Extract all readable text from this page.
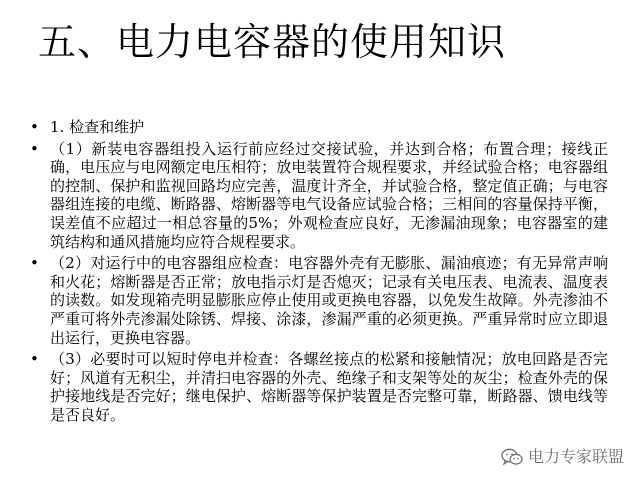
五、电力电容器的使用知识
• 1. 检查和维护
• （1）新装电容器组投入运行前应经过交接试验，并达到合格；布置合理；接线正确，电压应与电网额定电压相符；放电装置符合规程要求，并经试验合格；电容器组的控制、保护和监视回路均应完善，温度计齐全，并试验合格，整定值正确；与电容器组连接的电缆、断路器、熔断器等电气设备应试验合格；三相间的容量保持平衡，误差值不应超过一相总容量的5%；外观检查应良好，无渗漏油现象；电容器室的建筑结构和通风措施均应符合规程要求。
• （2）对运行中的电容器组应检查：电容器外壳有无膨胀、漏油痕迹；有无异常声响和火花；熔断器是否正常；放电指示灯是否熄灭；记录有关电压表、电流表、温度表的读数。如发现箱壳明显膨胀应停止使用或更换电容器，以免发生故障。外壳渗油不严重可将外壳渗漏处除锈、焊接、涂漆，渗漏严重的必须更换。严重异常时应立即退出运行，更换电容器。
• （3）必要时可以短时停电并检查：各螺丝接点的松紧和接触情况；放电回路是否完好；风道有无积尘，并清扫电容器的外壳、绝缘子和支架等处的灰尘；检查外壳的保护接地线是否完好；继电保护、熔断器等保护装置是否完整可靠，断路器、馈电线等是否良好。
电力专家联盟
